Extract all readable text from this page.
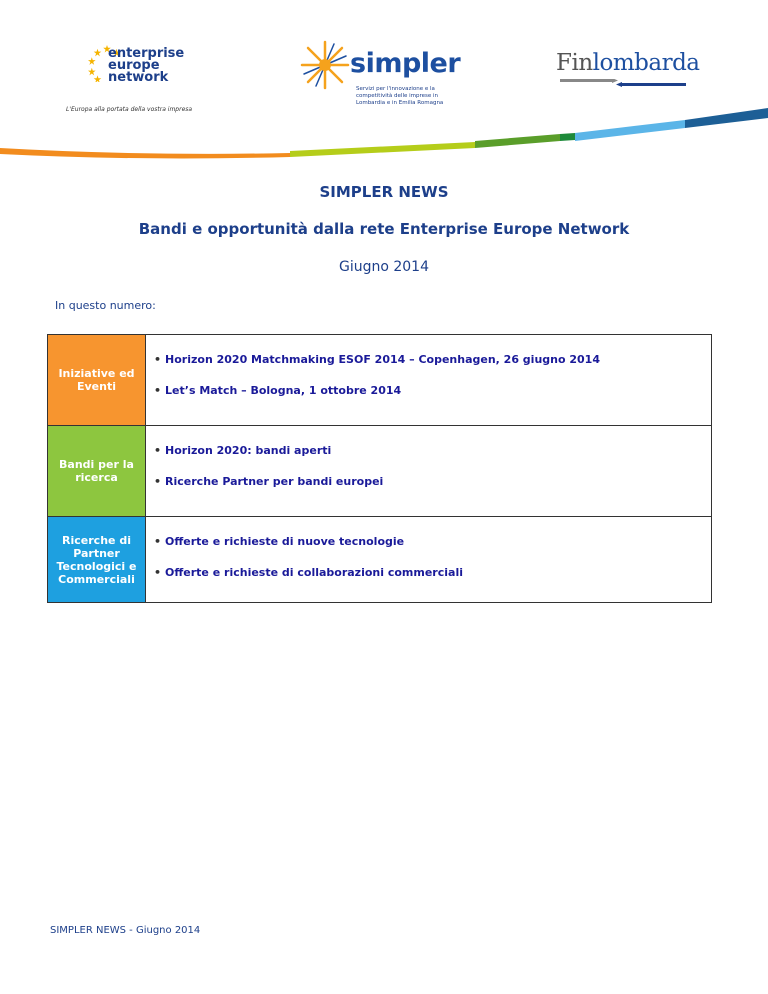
enterprise
europe
network
L'Europa alla portata della vostra impresa
simpler
Servizi per l'innovazione e la competitività delle imprese in Lombardia e in Emilia Romagna
Finlombarda
SIMPLER NEWS
Bandi e opportunità dalla rete Enterprise Europe Network
Giugno 2014
In questo numero:
Iniziative ed Eventi
• Horizon 2020 Matchmaking ESOF 2014 – Copenhagen, 26 giugno 2014
• Let’s Match – Bologna, 1 ottobre 2014
Bandi per la ricerca
• Horizon 2020: bandi aperti
• Ricerche Partner per bandi europei
Ricerche di Partner Tecnologici e Commerciali
• Offerte e richieste di nuove tecnologie
• Offerte e richieste di collaborazioni commerciali
SIMPLER NEWS - Giugno 2014
